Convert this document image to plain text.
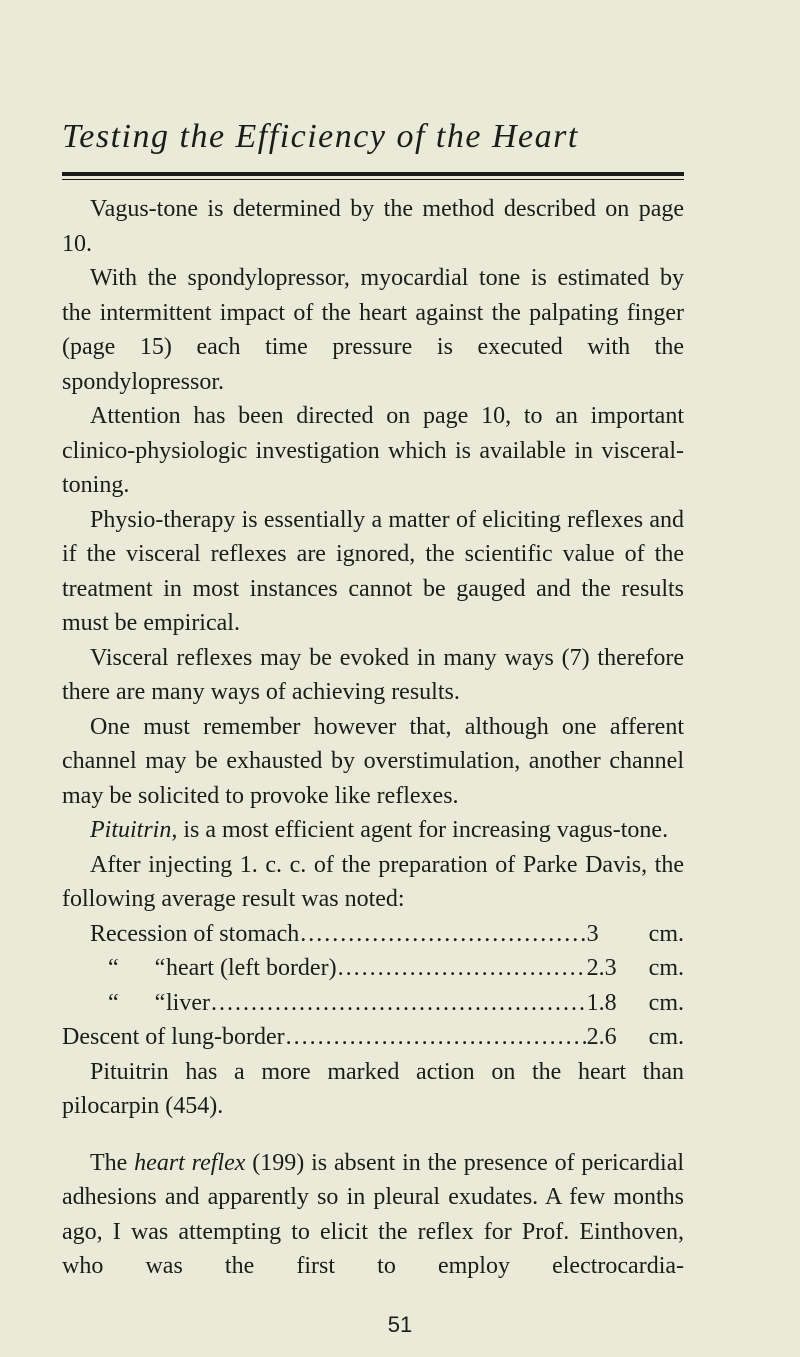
Testing the Efficiency of the Heart

Vagus-tone is determined by the method described on page 10.

With the spondylopressor, myocardial tone is estimated by the intermittent impact of the heart against the palpating finger (page 15) each time pressure is executed with the spondylopressor.

Attention has been directed on page 10, to an important clinico-physiologic investigation which is available in visceral-toning.

Physio-therapy is essentially a matter of eliciting reflexes and if the visceral reflexes are ignored, the scientific value of the treatment in most instances cannot be gauged and the results must be empirical.

Visceral reflexes may be evoked in many ways (7) therefore there are many ways of achieving results.

One must remember however that, although one afferent channel may be exhausted by overstimulation, another channel may be solicited to provoke like reflexes.

Pituitrin, is a most efficient agent for increasing vagus-tone.

After injecting 1. c. c. of the preparation of Parke Davis, the following average result was noted:

Recession of stomach .....	3	cm.
“      “ heart (left border) .....	2.3 cm.
“      “ liver .....	1.8 cm.
Descent of lung-border .....	2.6 cm.

Pituitrin has a more marked action on the heart than pilocarpin (454).

The heart reflex (199) is absent in the presence of pericardial adhesions and apparently so in pleural exudates. A few months ago, I was attempting to elicit the reflex for Prof. Einthoven, who was the first to employ electrocardia-

51
